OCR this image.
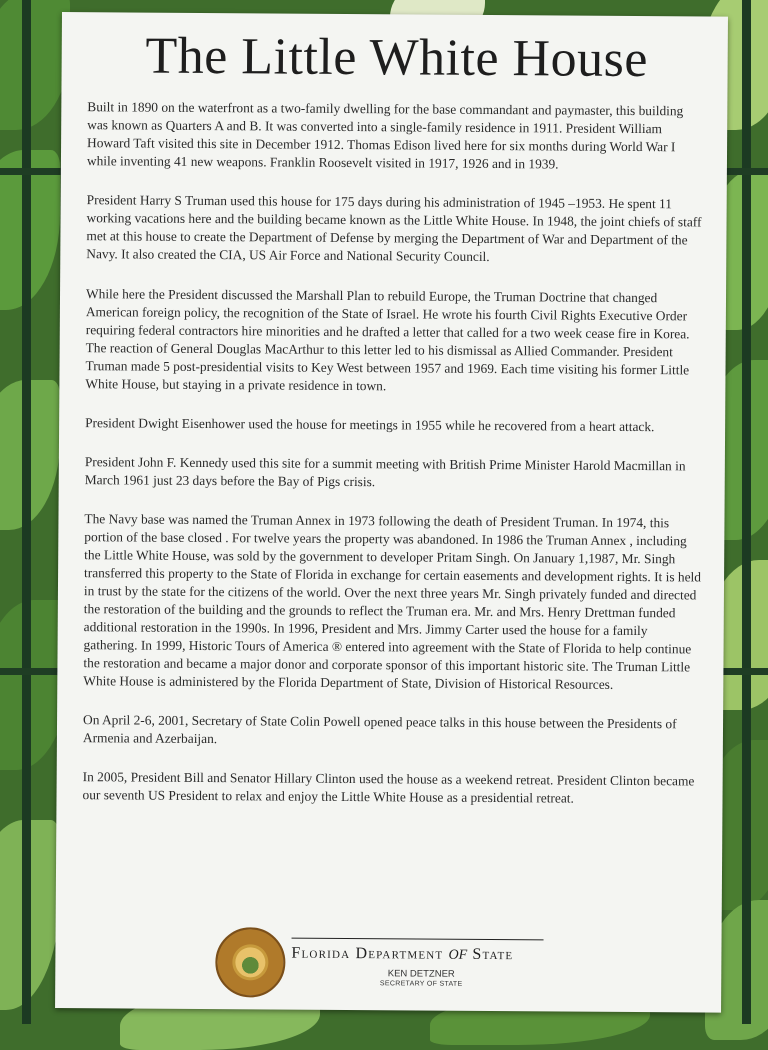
The Little White House

Built in 1890 on the waterfront as a two-family dwelling for the base commandant and paymaster, this building was known as Quarters A and B. It was converted into a single-family residence in 1911. President William Howard Taft visited this site in December 1912. Thomas Edison lived here for six months during World War I while inventing 41 new weapons. Franklin Roosevelt visited in 1917, 1926 and in 1939.

President Harry S Truman used this house for 175 days during his administration of 1945 –1953. He spent 11 working vacations here and the building became known as the Little White House. In 1948, the joint chiefs of staff met at this house to create the Department of Defense by merging the Department of War and Department of the Navy. It also created the CIA, US Air Force and National Security Council.

While here the President discussed the Marshall Plan to rebuild Europe, the Truman Doctrine that changed American foreign policy, the recognition of the State of Israel. He wrote his fourth Civil Rights Executive Order requiring federal contractors hire minorities and he drafted a letter that called for a two week cease fire in Korea. The reaction of General Douglas MacArthur to this letter led to his dismissal as Allied Commander. President Truman made 5 post-presidential visits to Key West between 1957 and 1969. Each time visiting his former Little White House, but staying in a private residence in town.

President Dwight Eisenhower used the house for meetings in 1955 while he recovered from a heart attack.

President John F. Kennedy used this site for a summit meeting with British Prime Minister Harold Macmillan in March 1961 just 23 days before the Bay of Pigs crisis.

The Navy base was named the Truman Annex in 1973 following the death of President Truman. In 1974, this portion of the base closed . For twelve years the property was abandoned. In 1986 the Truman Annex , including the Little White House, was sold by the government to developer Pritam Singh. On January 1,1987, Mr. Singh transferred this property to the State of Florida in exchange for certain easements and development rights. It is held in trust by the state for the citizens of the world. Over the next three years Mr. Singh privately funded and directed the restoration of the building and the grounds to reflect the Truman era. Mr. and Mrs. Henry Drettman funded additional restoration in the 1990s. In 1996, President and Mrs. Jimmy Carter used the house for a family gathering. In 1999, Historic Tours of America ® entered into agreement with the State of Florida to help continue the restoration and became a major donor and corporate sponsor of this important historic site. The Truman Little White House is administered by the Florida Department of State, Division of Historical Resources.

On April 2-6, 2001, Secretary of State Colin Powell opened peace talks in this house between the Presidents of Armenia and Azerbaijan.

In 2005, President Bill and Senator Hillary Clinton used the house as a weekend retreat. President Clinton became our seventh US President to relax and enjoy the Little White House as a presidential retreat.

Florida Department of State
KEN DETZNER
SECRETARY OF STATE
